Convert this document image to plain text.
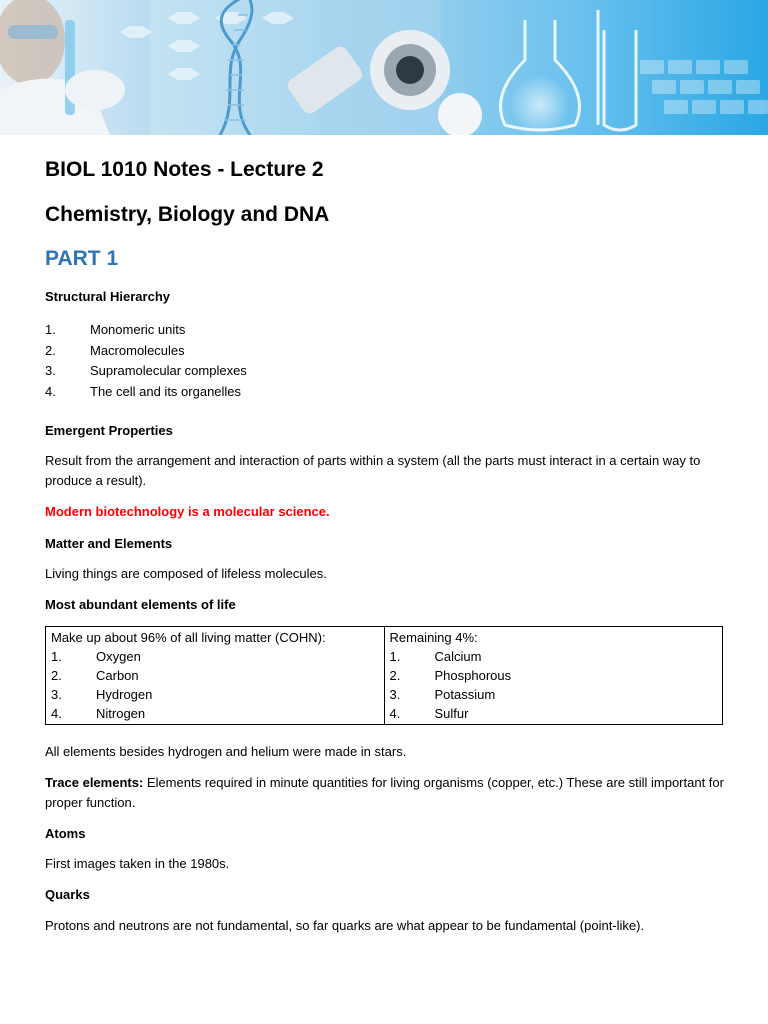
BIOL 1010 Notes - Lecture 2
Chemistry, Biology and DNA
PART 1
Structural Hierarchy
1.	Monomeric units
2.	Macromolecules
3.	Supramolecular complexes
4.	The cell and its organelles
Emergent Properties
Result from the arrangement and interaction of parts within a system (all the parts must interact in a certain way to produce a result).
Modern biotechnology is a molecular science.
Matter and Elements
Living things are composed of lifeless molecules.
Most abundant elements of life
Make up about 96% of all living matter (COHN):
1.	Oxygen
2.	Carbon
3.	Hydrogen
4.	Nitrogen

Remaining 4%:
1.	Calcium
2.	Phosphorous
3.	Potassium
4.	Sulfur
All elements besides hydrogen and helium were made in stars.
Trace elements: Elements required in minute quantities for living organisms (copper, etc.) These are still important for proper function.
Atoms
First images taken in the 1980s.
Quarks
Protons and neutrons are not fundamental, so far quarks are what appear to be fundamental (point-like).
